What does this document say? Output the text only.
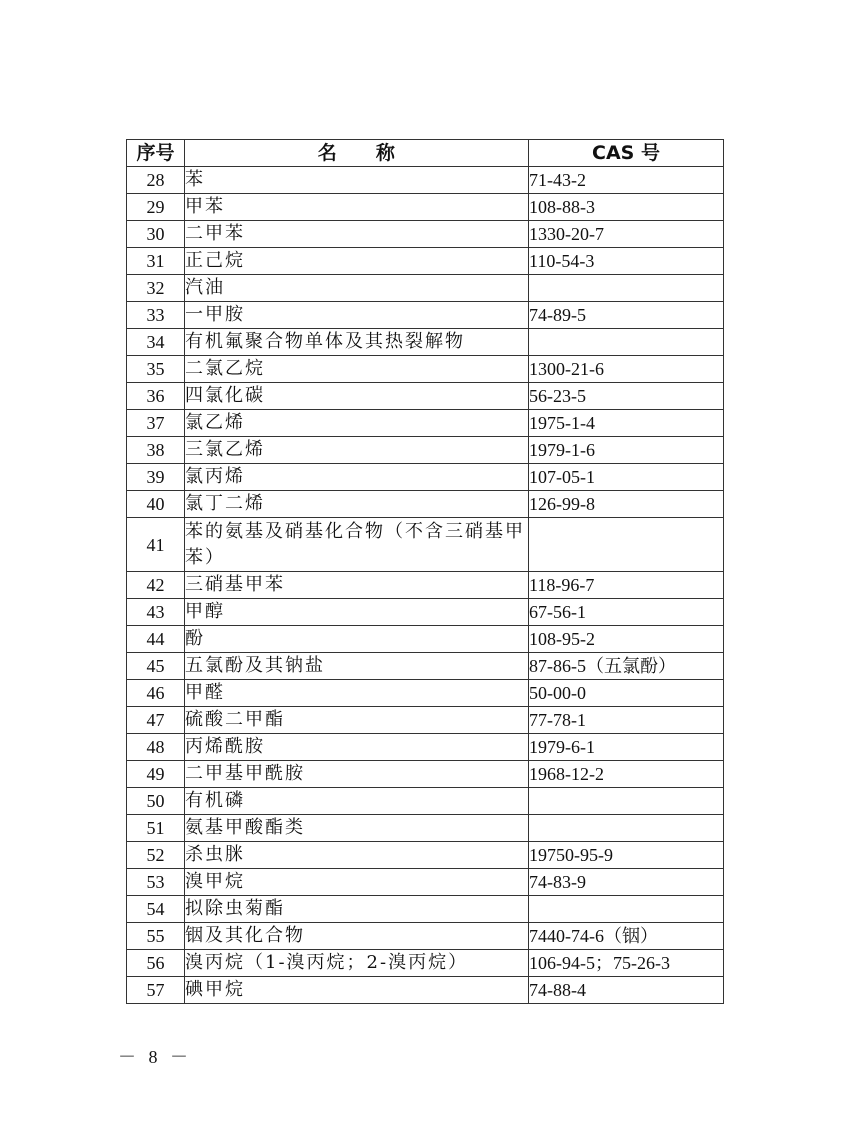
序号	名　　称	CAS 号
28	苯	71-43-2
29	甲苯	108-88-3
30	二甲苯	1330-20-7
31	正己烷	110-54-3
32	汽油	
33	一甲胺	74-89-5
34	有机氟聚合物单体及其热裂解物	
35	二氯乙烷	1300-21-6
36	四氯化碳	56-23-5
37	氯乙烯	1975-1-4
38	三氯乙烯	1979-1-6
39	氯丙烯	107-05-1
40	氯丁二烯	126-99-8
41	苯的氨基及硝基化合物（不含三硝基甲苯）	
42	三硝基甲苯	118-96-7
43	甲醇	67-56-1
44	酚	108-95-2
45	五氯酚及其钠盐	87-86-5（五氯酚）
46	甲醛	50-00-0
47	硫酸二甲酯	77-78-1
48	丙烯酰胺	1979-6-1
49	二甲基甲酰胺	1968-12-2
50	有机磷	
51	氨基甲酸酯类	
52	杀虫脒	19750-95-9
53	溴甲烷	74-83-9
54	拟除虫菊酯	
55	铟及其化合物	7440-74-6（铟）
56	溴丙烷（1-溴丙烷；2-溴丙烷）	106-94-5；75-26-3
57	碘甲烷	74-88-4
－ 8 －
